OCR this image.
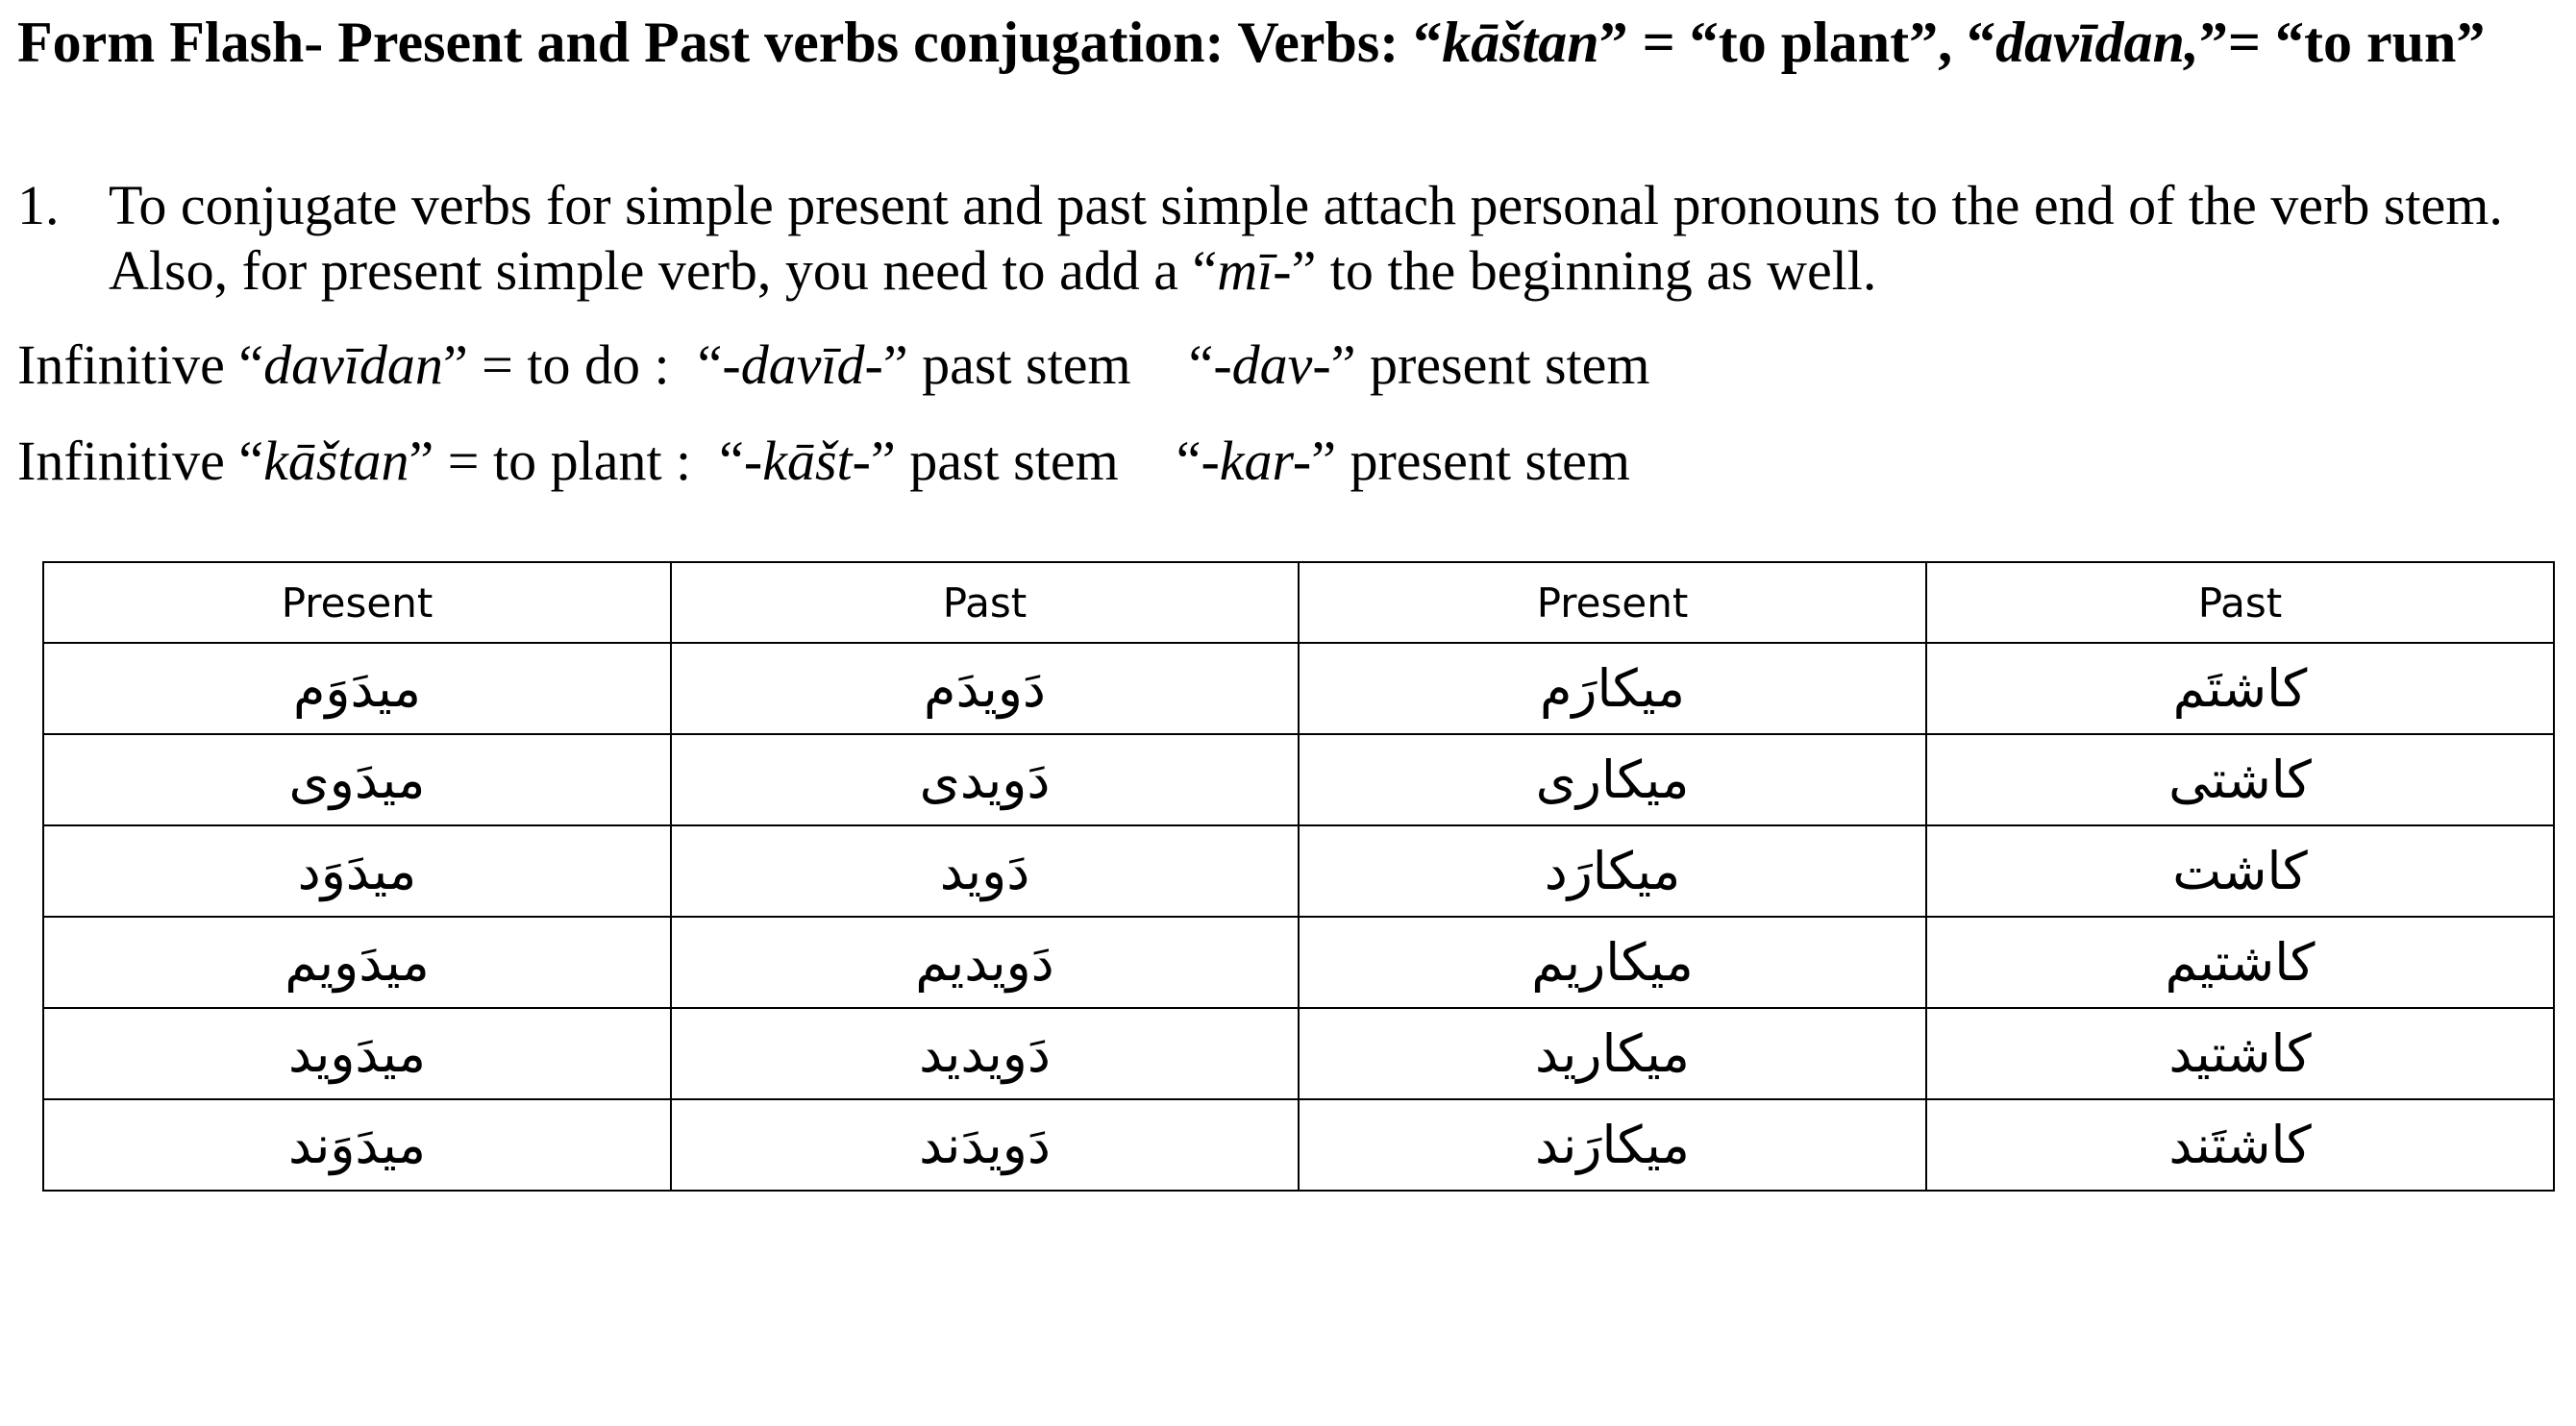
Form Flash- Present and Past verbs conjugation: Verbs: “kāštan” = “to plant”, “davīdan,”= “to run”
1. To conjugate verbs for simple present and past simple attach personal pronouns to the end of the verb stem. Also, for present simple verb, you need to add a “mī-” to the beginning as well.
Infinitive “davīdan” = to do :  “-davīd-” past stem “-dav-” present stem
Infinitive “kāštan” = to plant :  “-kāšt-” past stem “-kar-” present stem
Present	Past	Present	Past
میدَوَم	دَویدَم	میکارَم	کاشتَم
میدَوی	دَویدی	میکاری	کاشتی
میدَوَد	دَوید	میکارَد	کاشت
میدَویم	دَویدیم	میکاریم	کاشتیم
میدَوید	دَویدید	میکارید	کاشتید
میدَوَند	دَویدَند	میکارَند	کاشتَند
